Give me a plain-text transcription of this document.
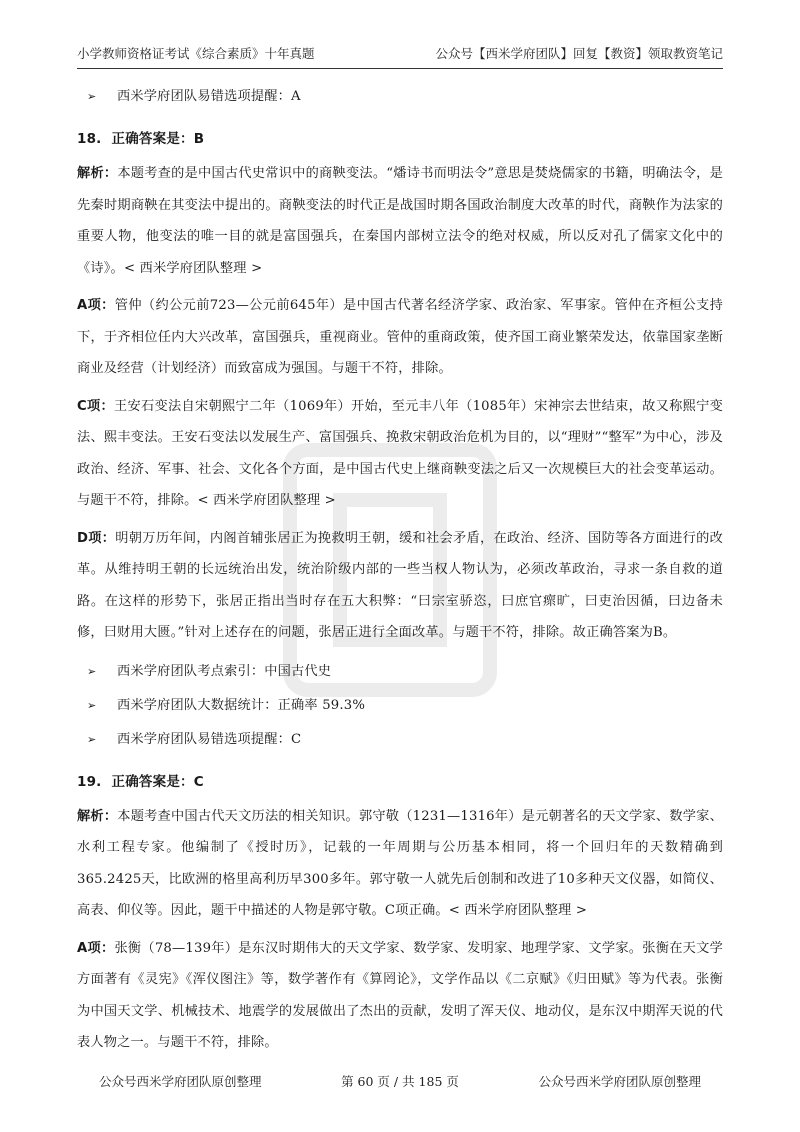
小学教师资格证考试《综合素质》十年真题	公众号【西米学府团队】回复【教资】领取教资笔记
➢ 西米学府团队易错选项提醒：A
18. 正确答案是：B
解析：本题考查的是中国古代史常识中的商鞅变法。“燔诗书而明法令”意思是焚烧儒家的书籍，明确法令，是先秦时期商鞅在其变法中提出的。商鞅变法的时代正是战国时期各国政治制度大改革的时代，商鞅作为法家的重要人物，他变法的唯一目的就是富国强兵，在秦国内部树立法令的绝对权威，所以反对孔了儒家文化中的《诗》。< 西米学府团队整理 >
A项：管仲（约公元前723—公元前645年）是中国古代著名经济学家、政治家、军事家。管仲在齐桓公支持下，于齐相位任内大兴改革，富国强兵，重视商业。管仲的重商政策，使齐国工商业繁荣发达，依靠国家垄断商业及经营（计划经济）而致富成为强国。与题干不符，排除。
C项：王安石变法自宋朝熙宁二年（1069年）开始，至元丰八年（1085年）宋神宗去世结束，故又称熙宁变法、熙丰变法。王安石变法以发展生产、富国强兵、挽救宋朝政治危机为目的，以“理财”“整军”为中心，涉及政治、经济、军事、社会、文化各个方面，是中国古代史上继商鞅变法之后又一次规模巨大的社会变革运动。与题干不符，排除。< 西米学府团队整理 >
D项：明朝万历年间，内阁首辅张居正为挽救明王朝，缓和社会矛盾，在政治、经济、国防等各方面进行的改革。从维持明王朝的长远统治出发，统治阶级内部的一些当权人物认为，必须改革政治，寻求一条自救的道路。在这样的形势下，张居正指出当时存在五大积弊：“曰宗室骄恣，曰庶官瘝旷，曰吏治因循，曰边备未修，曰财用大匮。”针对上述存在的问题，张居正进行全面改革。与题干不符，排除。故正确答案为B。
➢ 西米学府团队考点索引：中国古代史
➢ 西米学府团队大数据统计：正确率 59.3%
➢ 西米学府团队易错选项提醒：C
19. 正确答案是：C
解析：本题考查中国古代天文历法的相关知识。郭守敬（1231—1316年）是元朝著名的天文学家、数学家、水利工程专家。他编制了《授时历》，记载的一年周期与公历基本相同，将一个回归年的天数精确到365.2425天，比欧洲的格里高利历早300多年。郭守敬一人就先后创制和改进了10多种天文仪器，如简仪、高表、仰仪等。因此，题干中描述的人物是郭守敬。C项正确。< 西米学府团队整理 >
A项：张衡（78—139年）是东汉时期伟大的天文学家、数学家、发明家、地理学家、文学家。张衡在天文学方面著有《灵宪》《浑仪图注》等，数学著作有《算罔论》，文学作品以《二京赋》《归田赋》等为代表。张衡为中国天文学、机械技术、地震学的发展做出了杰出的贡献，发明了浑天仪、地动仪，是东汉中期浑天说的代表人物之一。与题干不符，排除。
公众号西米学府团队原创整理	第 60 页 / 共 185 页	公众号西米学府团队原创整理
